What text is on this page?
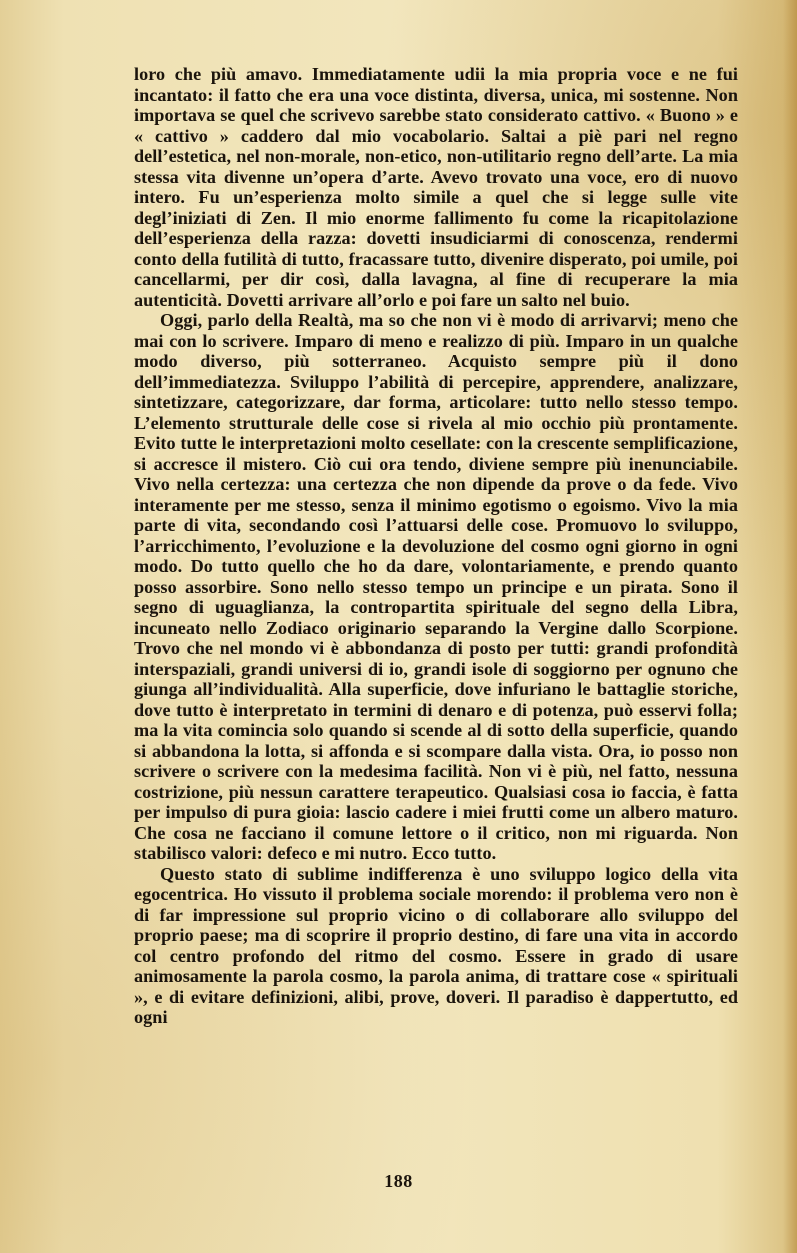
loro che più amavo. Immediatamente udii la mia propria voce e ne fui incantato: il fatto che era una voce distinta, diversa, unica, mi sostenne. Non importava se quel che scrivevo sarebbe stato considerato cattivo. « Buono » e « cattivo » caddero dal mio vocabolario. Saltai a piè pari nel regno dell’estetica, nel non-morale, non-etico, non-utilitario regno dell’arte. La mia stessa vita divenne un’opera d’arte. Avevo trovato una voce, ero di nuovo intero. Fu un’esperienza molto simile a quel che si legge sulle vite degl’iniziati di Zen. Il mio enorme fallimento fu come la ricapitolazione dell’esperienza della razza: dovetti insudiciarmi di conoscenza, rendermi conto della futilità di tutto, fracassare tutto, divenire disperato, poi umile, poi cancellarmi, per dir così, dalla lavagna, al fine di recuperare la mia autenticità. Dovetti arrivare all’orlo e poi fare un salto nel buio.

Oggi, parlo della Realtà, ma so che non vi è modo di arrivarvi; meno che mai con lo scrivere. Imparo di meno e realizzo di più. Imparo in un qualche modo diverso, più sotterraneo. Acquisto sempre più il dono dell’immediatezza. Sviluppo l’abilità di percepire, apprendere, analizzare, sintetizzare, categorizzare, dar forma, articolare: tutto nello stesso tempo. L’elemento strutturale delle cose si rivela al mio occhio più prontamente. Evito tutte le interpretazioni molto cesellate: con la crescente semplificazione, si accresce il mistero. Ciò cui ora tendo, diviene sempre più inenunciabile. Vivo nella certezza: una certezza che non dipende da prove o da fede. Vivo interamente per me stesso, senza il minimo egotismo o egoismo. Vivo la mia parte di vita, secondando così l’attuarsi delle cose. Promuovo lo sviluppo, l’arricchimento, l’evoluzione e la devoluzione del cosmo ogni giorno in ogni modo. Do tutto quello che ho da dare, volontariamente, e prendo quanto posso assorbire. Sono nello stesso tempo un principe e un pirata. Sono il segno di uguaglianza, la contropartita spirituale del segno della Libra, incuneato nello Zodiaco originario separando la Vergine dallo Scorpione. Trovo che nel mondo vi è abbondanza di posto per tutti: grandi profondità interspaziali, grandi universi di io, grandi isole di soggiorno per ognuno che giunga all’individualità. Alla superficie, dove infuriano le battaglie storiche, dove tutto è interpretato in termini di denaro e di potenza, può esservi folla; ma la vita comincia solo quando si scende al di sotto della superficie, quando si abbandona la lotta, si affonda e si scompare dalla vista. Ora, io posso non scrivere o scrivere con la medesima facilità. Non vi è più, nel fatto, nessuna costrizione, più nessun carattere terapeutico. Qualsiasi cosa io faccia, è fatta per impulso di pura gioia: lascio cadere i miei frutti come un albero maturo. Che cosa ne facciano il comune lettore o il critico, non mi riguarda. Non stabilisco valori: defeco e mi nutro. Ecco tutto.

Questo stato di sublime indifferenza è uno sviluppo logico della vita egocentrica. Ho vissuto il problema sociale morendo: il problema vero non è di far impressione sul proprio vicino o di collaborare allo sviluppo del proprio paese; ma di scoprire il proprio destino, di fare una vita in accordo col centro profondo del ritmo del cosmo. Essere in grado di usare animosamente la parola cosmo, la parola anima, di trattare cose « spirituali », e di evitare definizioni, alibi, prove, doveri. Il paradiso è dappertutto, ed ogni

188
